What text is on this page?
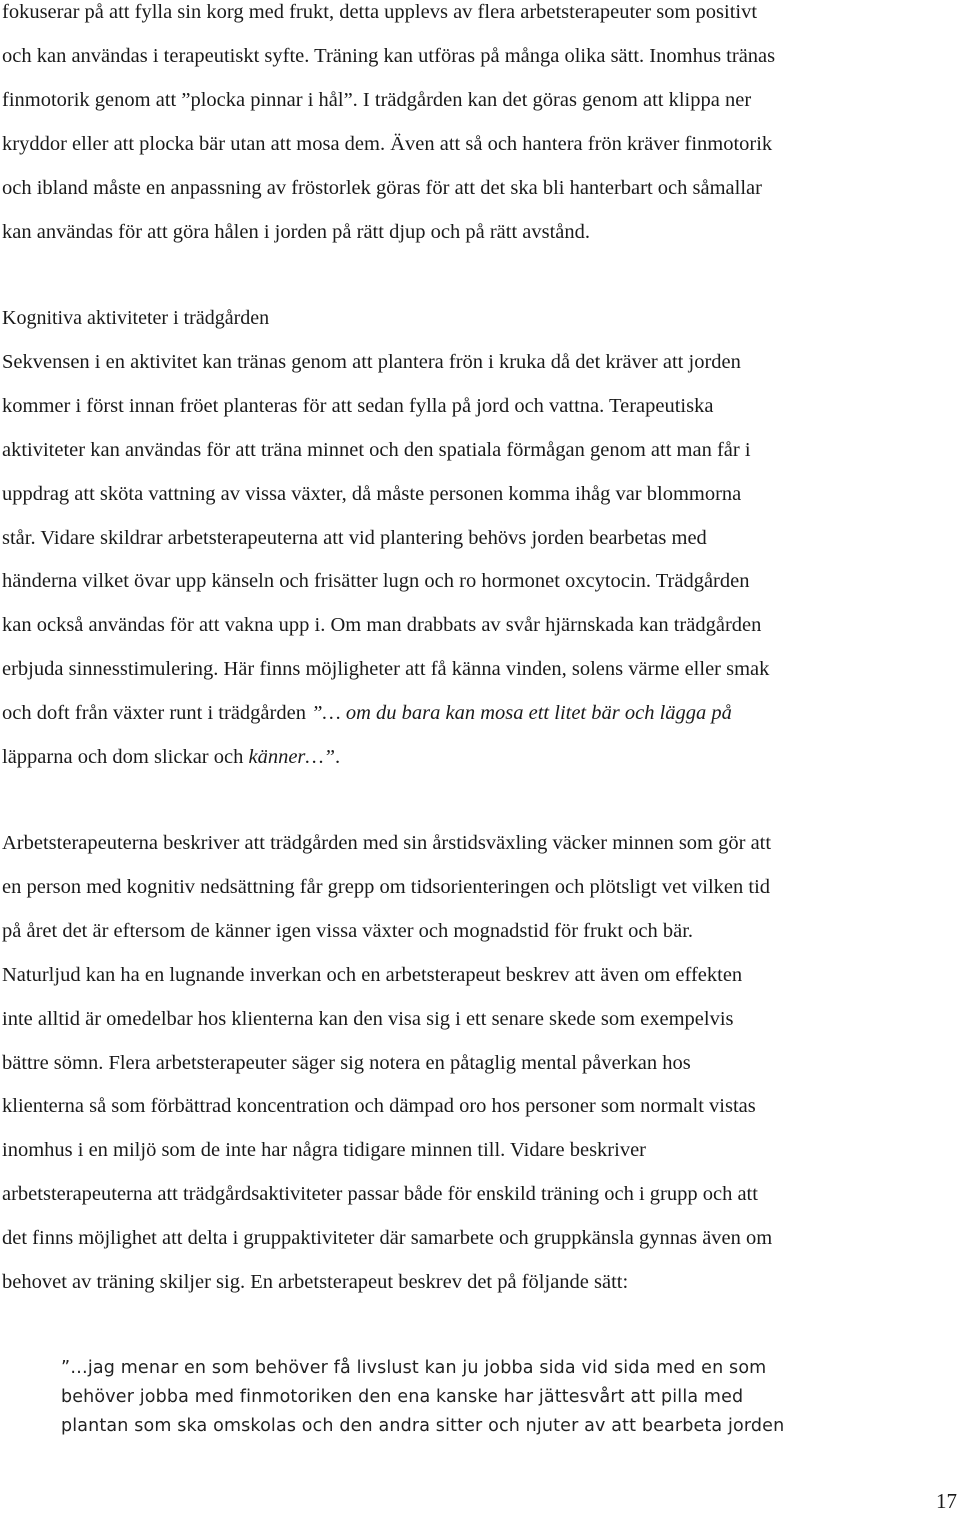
fokuserar på att fylla sin korg med frukt, detta upplevs av flera arbetsterapeuter som positivt
och kan användas i terapeutiskt syfte. Träning kan utföras på många olika sätt. Inomhus tränas
finmotorik genom att ”plocka pinnar i hål”. I trädgården kan det göras genom att klippa ner
kryddor eller att plocka bär utan att mosa dem. Även att så och hantera frön kräver finmotorik
och ibland måste en anpassning av fröstorlek göras för att det ska bli hanterbart och såmallar
kan användas för att göra hålen i jorden på rätt djup och på rätt avstånd.

Kognitiva aktiviteter i trädgården
Sekvensen i en aktivitet kan tränas genom att plantera frön i kruka då det kräver att jorden
kommer i först innan fröet planteras för att sedan fylla på jord och vattna. Terapeutiska
aktiviteter kan användas för att träna minnet och den spatiala förmågan genom att man får i
uppdrag att sköta vattning av vissa växter, då måste personen komma ihåg var blommorna
står. Vidare skildrar arbetsterapeuterna att vid plantering behövs jorden bearbetas med
händerna vilket övar upp känseln och frisätter lugn och ro hormonet oxcytocin. Trädgården
kan också användas för att vakna upp i. Om man drabbats av svår hjärnskada kan trädgården
erbjuda sinnesstimulering. Här finns möjligheter att få känna vinden, solens värme eller smak
och doft från växter runt i trädgården ”… om du bara kan mosa ett litet bär och lägga på
läpparna och dom slickar och känner…”.

Arbetsterapeuterna beskriver att trädgården med sin årstidsväxling väcker minnen som gör att
en person med kognitiv nedsättning får grepp om tidsorienteringen och plötsligt vet vilken tid
på året det är eftersom de känner igen vissa växter och mognadstid för frukt och bär.
Naturljud kan ha en lugnande inverkan och en arbetsterapeut beskrev att även om effekten
inte alltid är omedelbar hos klienterna kan den visa sig i ett senare skede som exempelvis
bättre sömn. Flera arbetsterapeuter säger sig notera en påtaglig mental påverkan hos
klienterna så som förbättrad koncentration och dämpad oro hos personer som normalt vistas
inomhus i en miljö som de inte har några tidigare minnen till. Vidare beskriver
arbetsterapeuterna att trädgårdsaktiviteter passar både för enskild träning och i grupp och att
det finns möjlighet att delta i gruppaktiviteter där samarbete och gruppkänsla gynnas även om
behovet av träning skiljer sig. En arbetsterapeut beskrev det på följande sätt:

”…jag menar en som behöver få livslust kan ju jobba sida vid sida med en som
behöver jobba med finmotoriken den ena kanske har jättesvårt att pilla med
plantan som ska omskolas och den andra sitter och njuter av att bearbeta jorden
17
